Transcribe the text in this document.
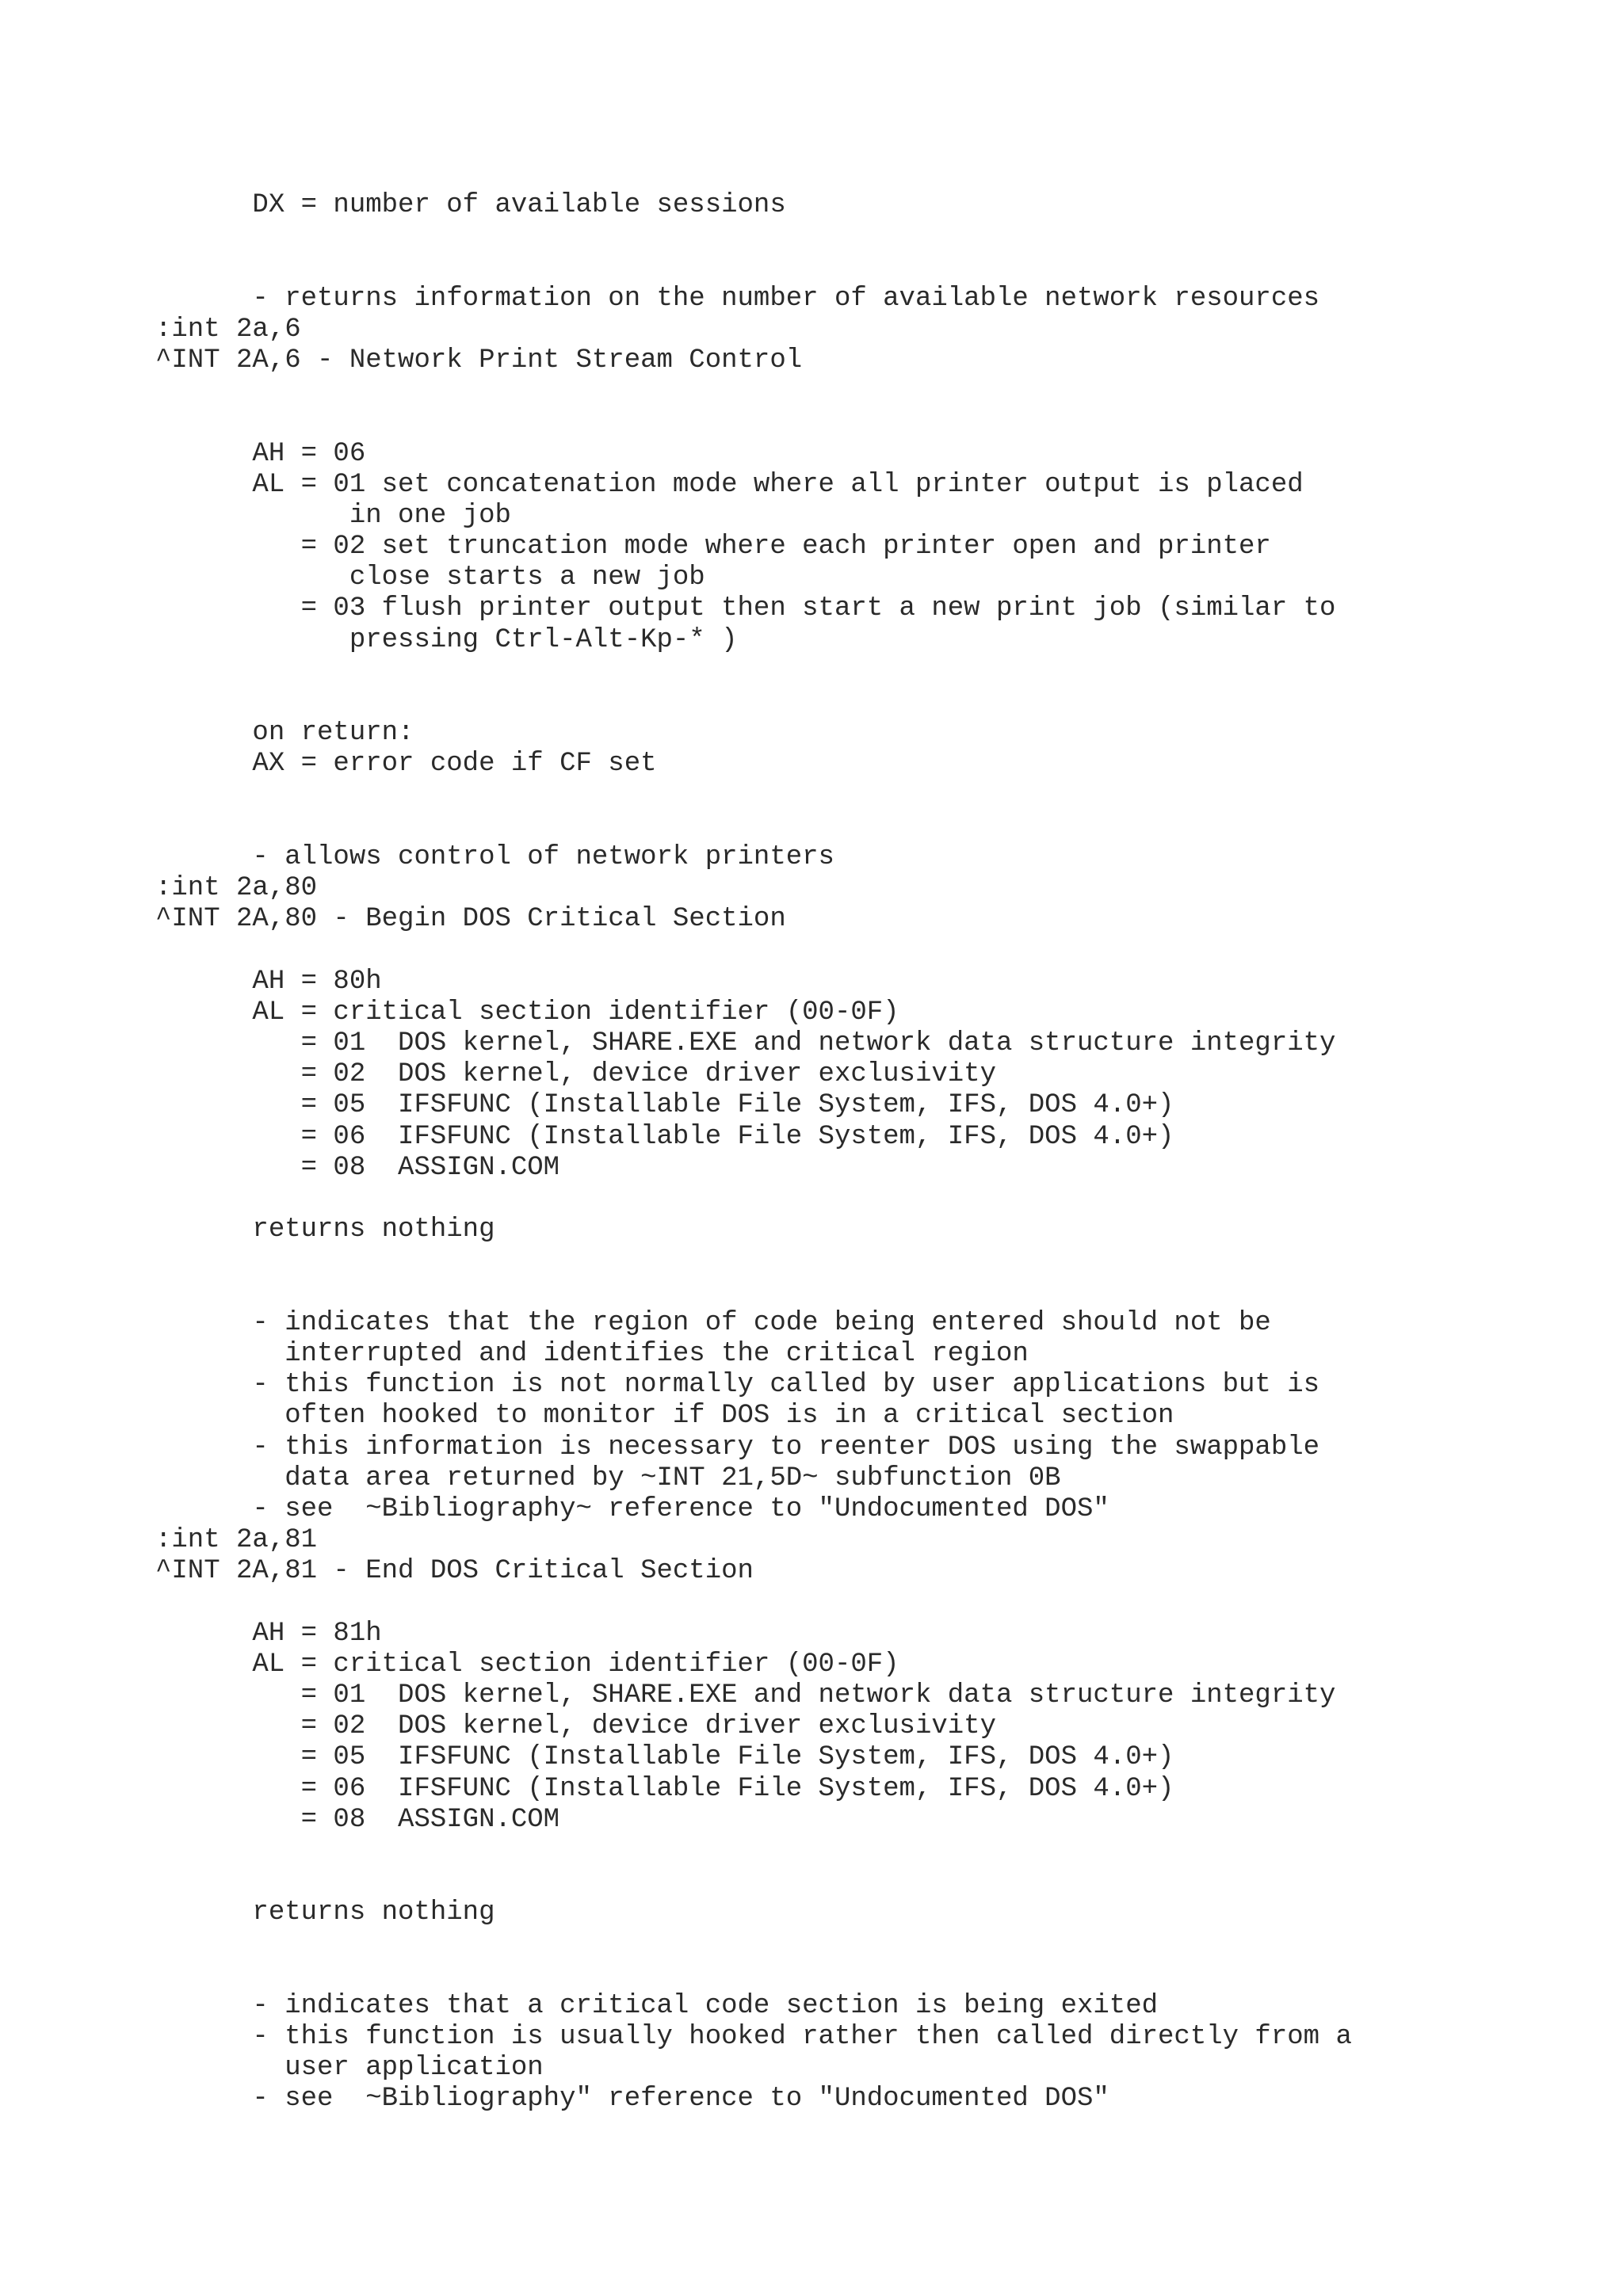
DX = number of available sessions
- returns information on the number of available network resources
:int 2a,6
^INT 2A,6 - Network Print Stream Control
AH = 06
AL = 01 set concatenation mode where all printer output is placed
in one job
= 02 set truncation mode where each printer open and printer
close starts a new job
= 03 flush printer output then start a new print job (similar to
pressing Ctrl-Alt-Kp-* )
on return:
AX = error code if CF set
- allows control of network printers
:int 2a,80
^INT 2A,80 - Begin DOS Critical Section
AH = 80h
AL = critical section identifier (00-0F)
= 01  DOS kernel, SHARE.EXE and network data structure integrity
= 02  DOS kernel, device driver exclusivity
= 05  IFSFUNC (Installable File System, IFS, DOS 4.0+)
= 06  IFSFUNC (Installable File System, IFS, DOS 4.0+)
= 08  ASSIGN.COM
returns nothing
- indicates that the region of code being entered should not be
interrupted and identifies the critical region
- this function is not normally called by user applications but is
often hooked to monitor if DOS is in a critical section
- this information is necessary to reenter DOS using the swappable
data area returned by ~INT 21,5D~ subfunction 0B
- see  ~Bibliography~ reference to "Undocumented DOS"
:int 2a,81
^INT 2A,81 - End DOS Critical Section
AH = 81h
AL = critical section identifier (00-0F)
= 01  DOS kernel, SHARE.EXE and network data structure integrity
= 02  DOS kernel, device driver exclusivity
= 05  IFSFUNC (Installable File System, IFS, DOS 4.0+)
= 06  IFSFUNC (Installable File System, IFS, DOS 4.0+)
= 08  ASSIGN.COM
returns nothing
- indicates that a critical code section is being exited
- this function is usually hooked rather then called directly from a
user application
- see  ~Bibliography" reference to "Undocumented DOS"
